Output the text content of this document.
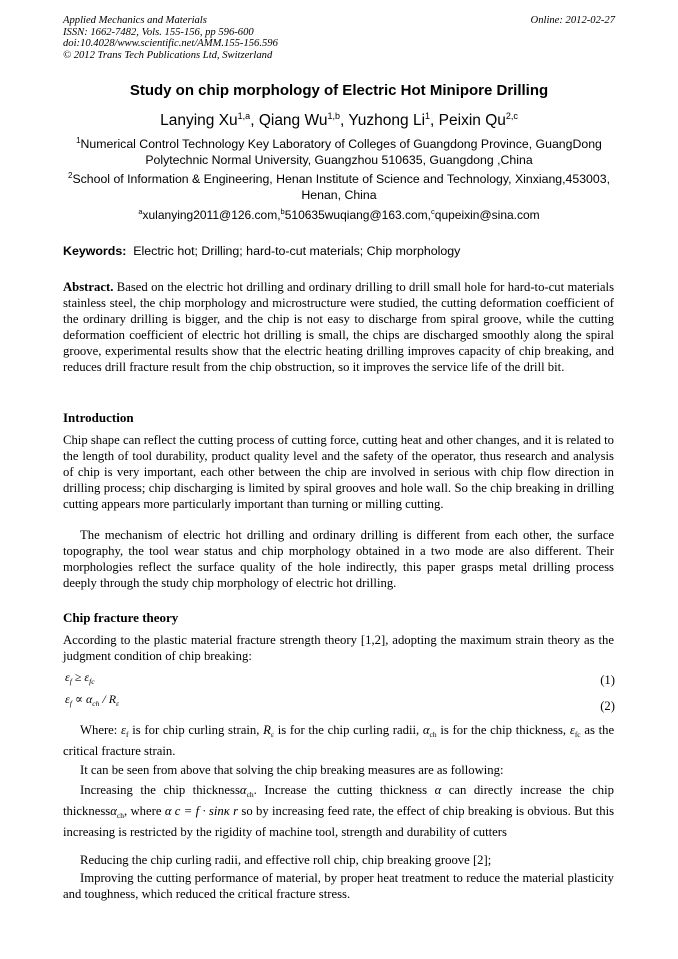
Applied Mechanics and Materials
ISSN: 1662-7482, Vols. 155-156, pp 596-600
doi:10.4028/www.scientific.net/AMM.155-156.596
© 2012 Trans Tech Publications Ltd, Switzerland
Online: 2012-02-27
Study on chip morphology of Electric Hot Minipore Drilling
Lanying Xu$^{1,a}$, Qiang Wu$^{1,b}$, Yuzhong Li$^1$, Peixin Qu$^{2,c}$
$^1$Numerical Control Technology Key Laboratory of Colleges of Guangdong Province, GuangDong Polytechnic Normal University, Guangzhou 510635, Guangdong ,China
$^2$School of Information & Engineering, Henan Institute of Science and Technology, Xinxiang,453003, Henan, China
$^a$xulanying2011@126.com,$^b$510635wuqiang@163.com,$^c$qupeixin@sina.com
Keywords: Electric hot; Drilling; hard-to-cut materials; Chip morphology
Abstract. Based on the electric hot drilling and ordinary drilling to drill small hole for hard-to-cut materials stainless steel, the chip morphology and microstructure were studied, the cutting deformation coefficient of the ordinary drilling is bigger, and the chip is not easy to discharge from spiral groove, while the cutting deformation coefficient of electric hot drilling is small, the chips are discharged smoothly along the spiral groove, experimental results show that the electric heating drilling improves capacity of chip breaking, and reduces drill fracture result from the chip obstruction, so it improves the service life of the drill bit.
Introduction
Chip shape can reflect the cutting process of cutting force, cutting heat and other changes, and it is related to the length of tool durability, product quality level and the safety of the operator, thus research and analysis of chip is very important, each other between the chip are involved in serious with chip flow direction in drilling process; chip discharging is limited by spiral grooves and hole wall. So the chip breaking in drilling cutting appears more particularly important than turning or milling cutting.
The mechanism of electric hot drilling and ordinary drilling is different from each other, the surface topography, the tool wear status and chip morphology obtained in a two mode are also different. Their morphologies reflect the surface quality of the hole indirectly, this paper grasps metal drilling process deeply through the study chip morphology of electric hot drilling.
Chip fracture theory
According to the plastic material fracture strength theory [1,2], adopting the maximum strain theory as the judgment condition of chip breaking:
$\varepsilon_f \ge \varepsilon_{fc}$	(1)
$\varepsilon_f \propto \alpha_{ch} / R_\varepsilon$	(2)
Where: $\varepsilon_f$ is for chip curling strain, $R_\varepsilon$ is for the chip curling radii, $\alpha_{ch}$ is for the chip thickness, $\varepsilon_{fc}$ as the critical fracture strain.
It can be seen from above that solving the chip breaking measures are as following:
Increasing the chip thicknessα$_{ch}$. Increase the cutting thickness α can directly increase the chip thicknessα$_{ch}$, where α c = f · sinκ r so by increasing feed rate, the effect of chip breaking is obvious. But this increasing is restricted by the rigidity of machine tool, strength and durability of cutters
Reducing the chip curling radii, and effective roll chip, chip breaking groove [2];
Improving the cutting performance of material, by proper heat treatment to reduce the material plasticity and toughness, which reduced the critical fracture stress.
